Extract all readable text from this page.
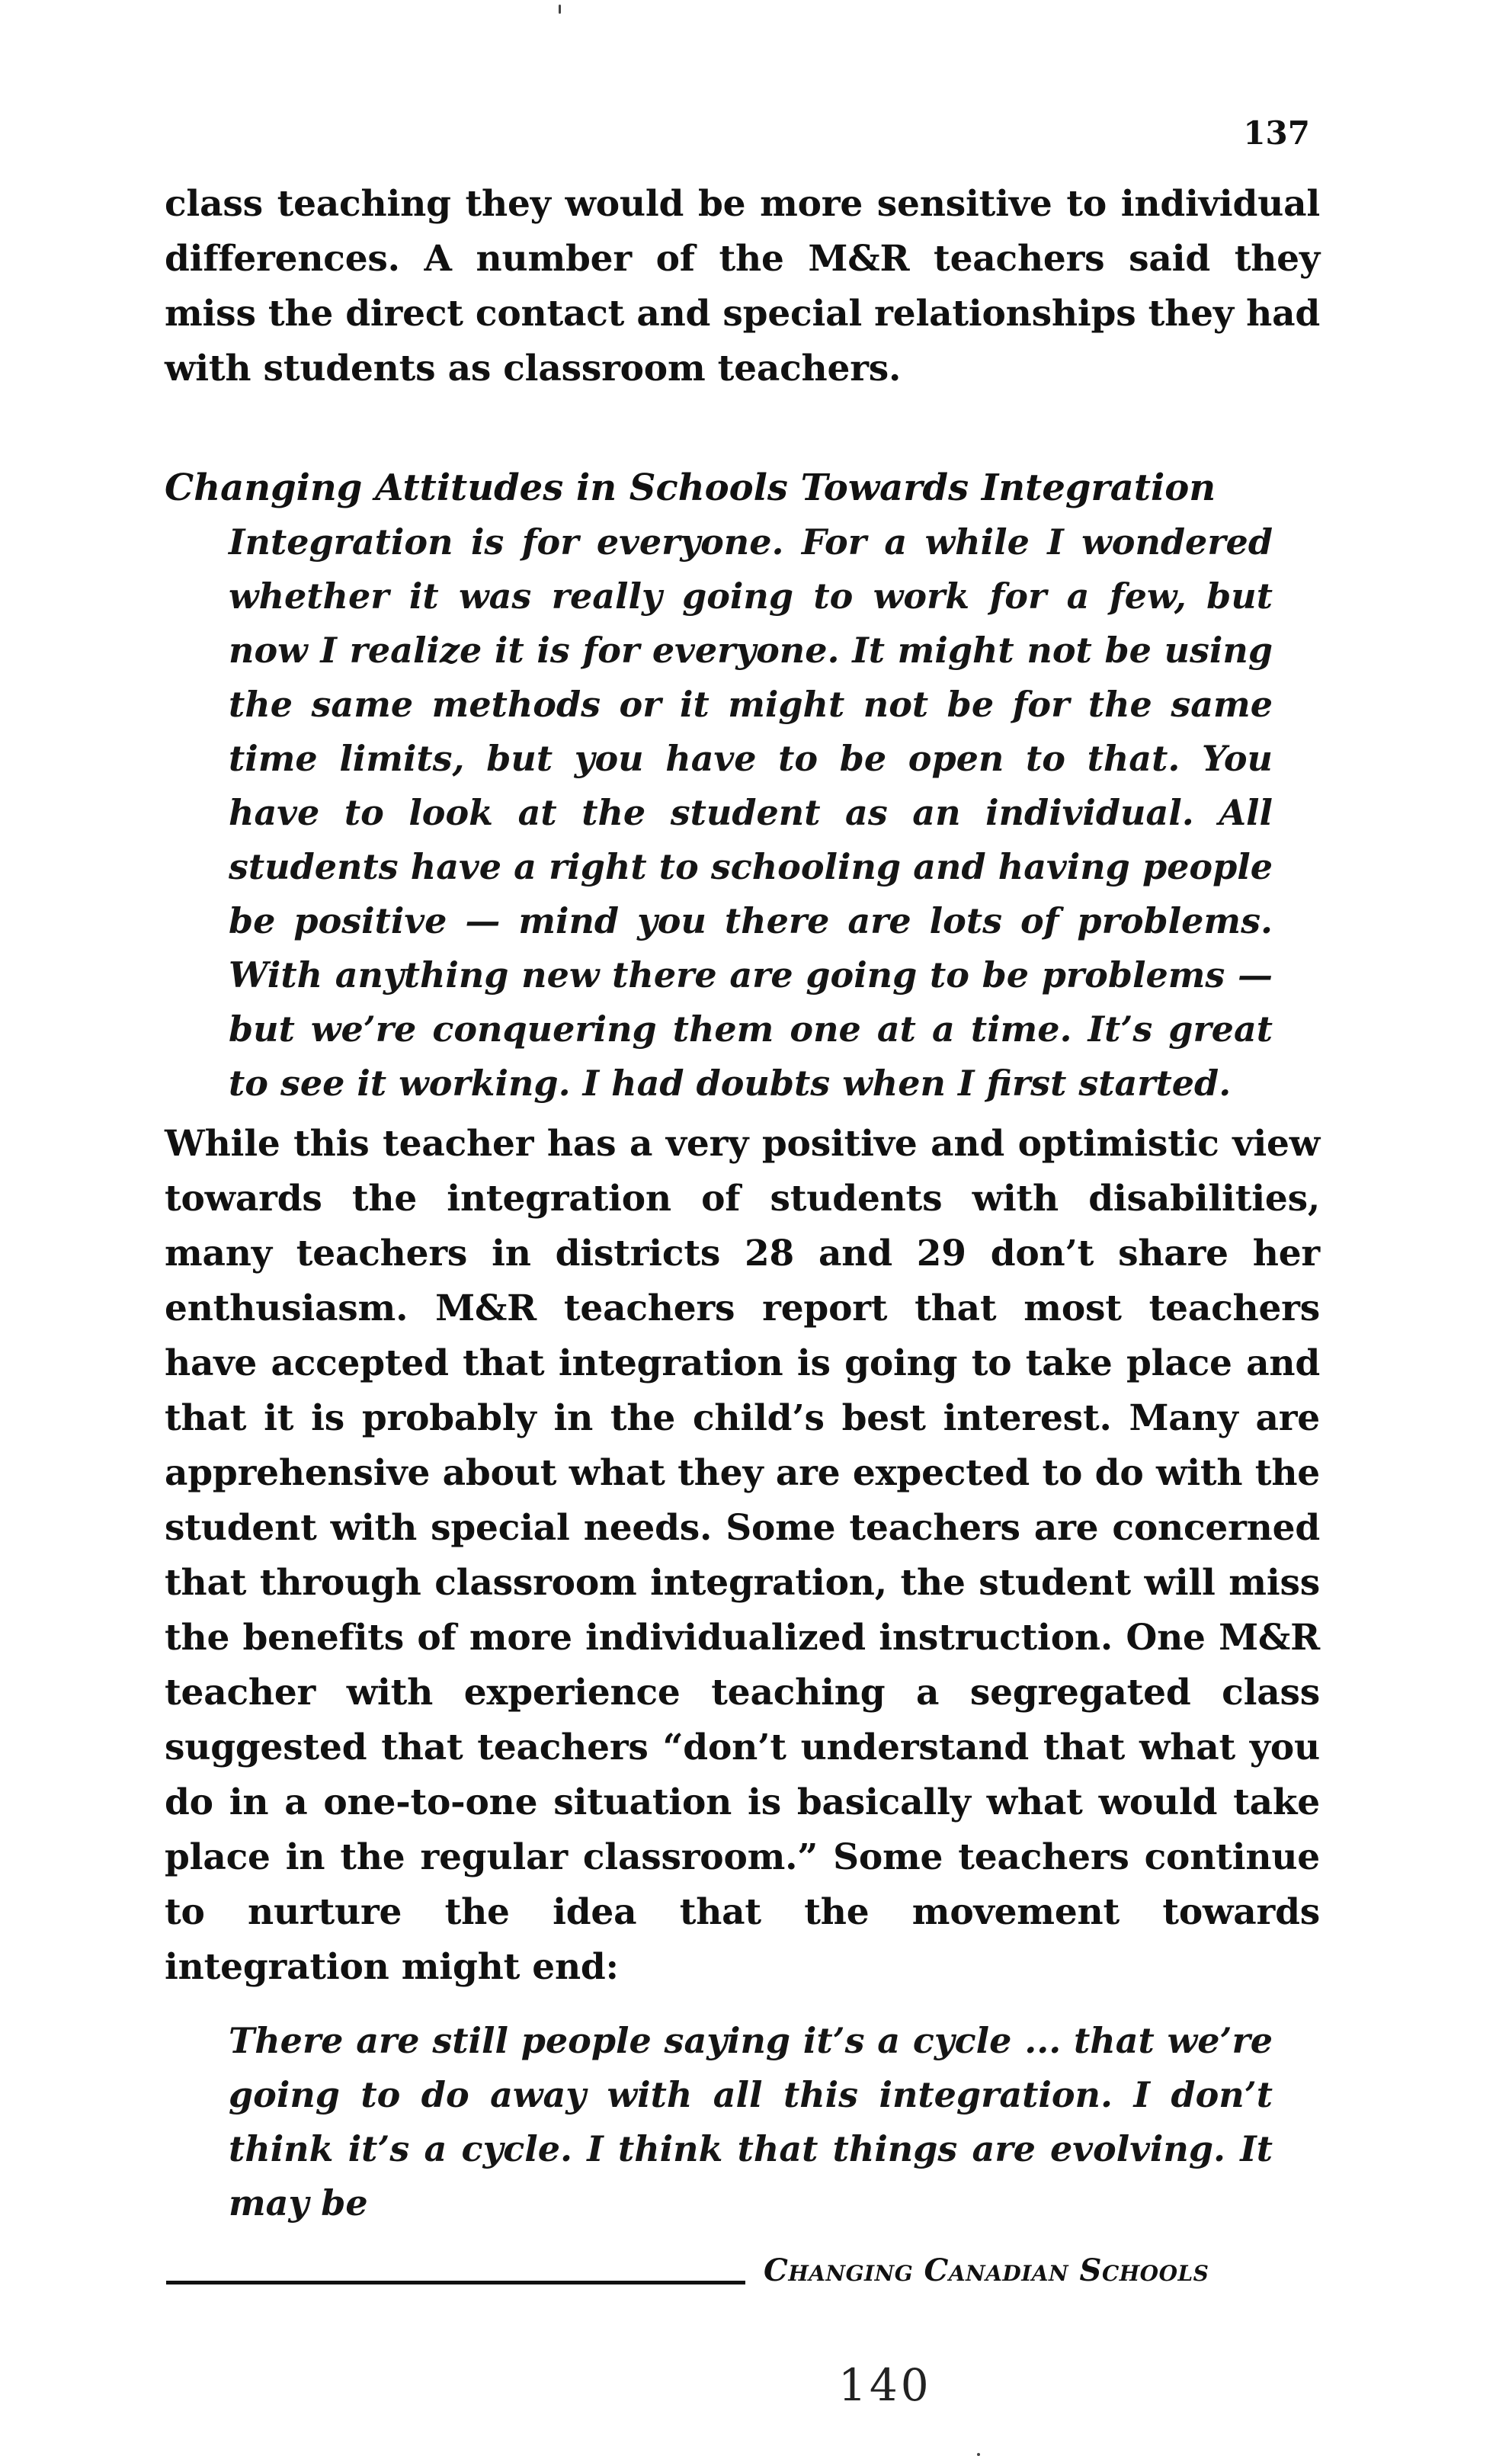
137

class teaching they would be more sensitive to individual differences. A number of the M&R teachers said they miss the direct contact and special relationships they had with students as classroom teachers.

Changing Attitudes in Schools Towards Integration
Integration is for everyone. For a while I wondered whether it was really going to work for a few, but now I realize it is for everyone. It might not be using the same methods or it might not be for the same time limits, but you have to be open to that. You have to look at the student as an individual. All students have a right to schooling and having people be positive — mind you there are lots of problems. With anything new there are going to be problems — but we’re conquering them one at a time. It’s great to see it working. I had doubts when I first started.

While this teacher has a very positive and optimistic view towards the integration of students with disabilities, many teachers in districts 28 and 29 don’t share her enthusiasm. M&R teachers report that most teachers have accepted that integration is going to take place and that it is probably in the child’s best interest. Many are apprehensive about what they are expected to do with the student with special needs. Some teachers are concerned that through classroom integration, the student will miss the benefits of more individualized instruction. One M&R teacher with experience teaching a segregated class suggested that teachers “don’t understand that what you do in a one-to-one situation is basically what would take place in the regular classroom.” Some teachers continue to nurture the idea that the movement towards integration might end:

There are still people saying it’s a cycle ... that we’re going to do away with all this integration. I don’t think it’s a cycle. I think that things are evolving. It may be
Changing Canadian Schools
140
